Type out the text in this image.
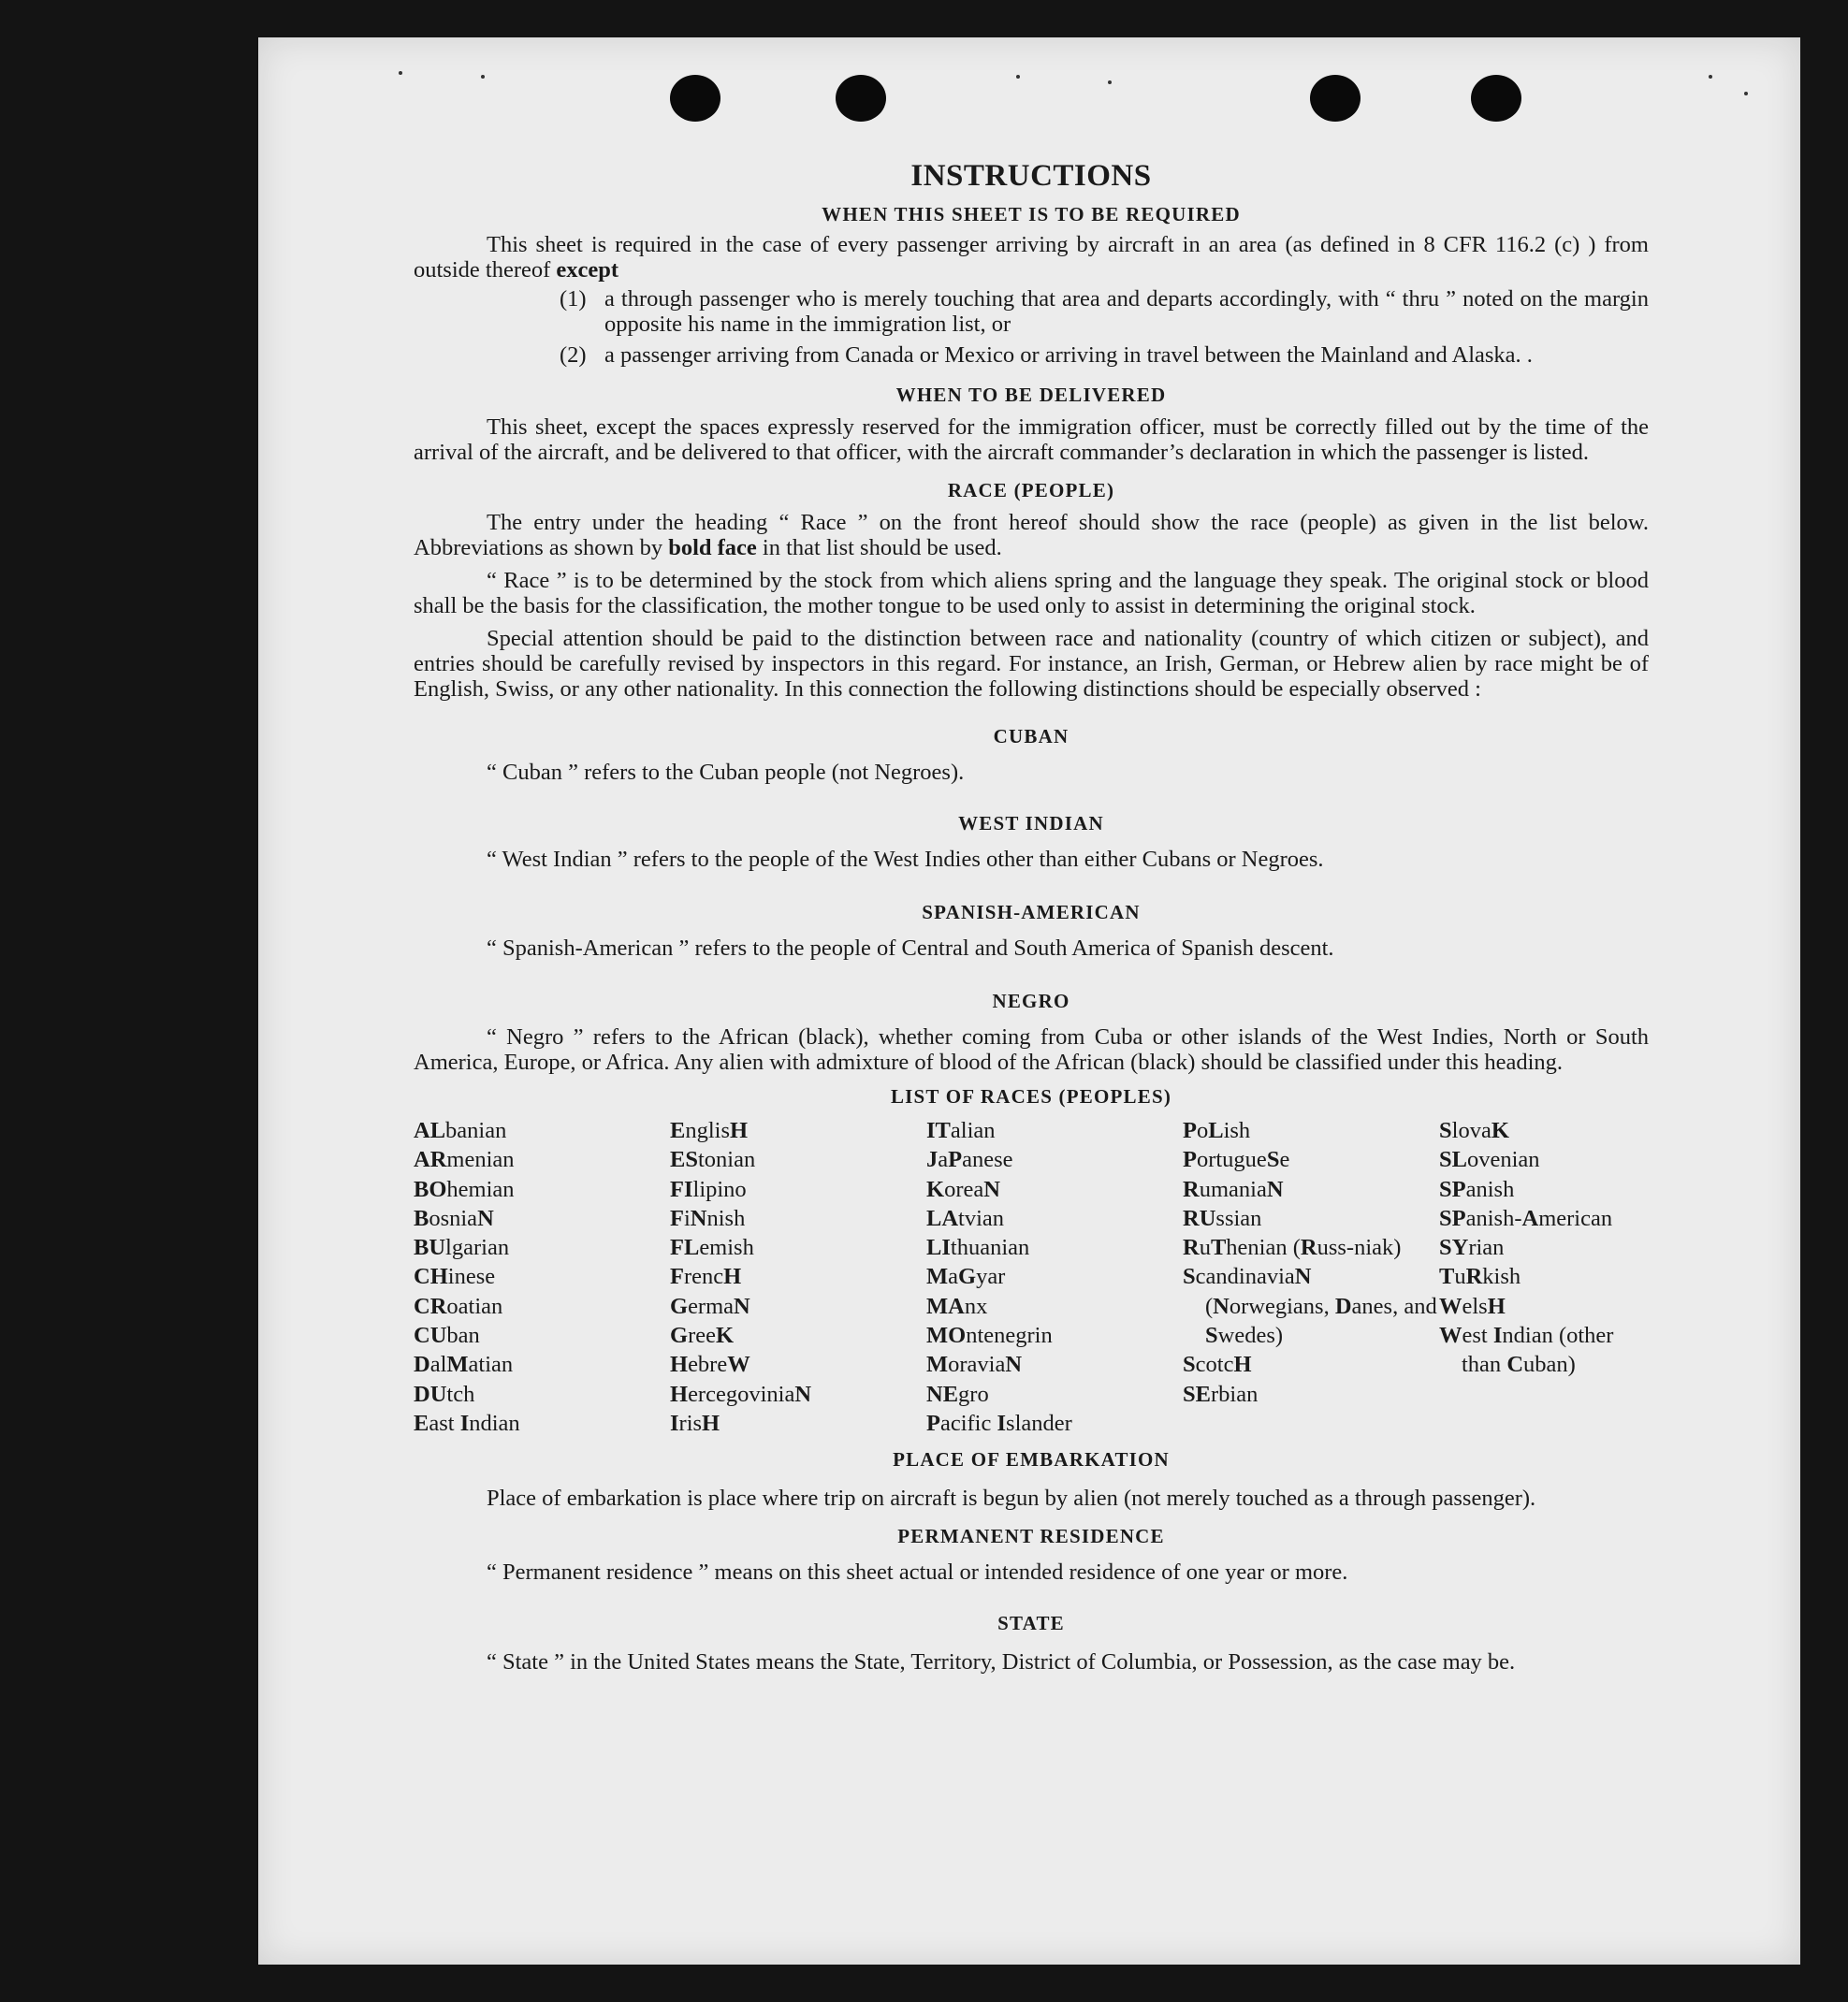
INSTRUCTIONS
WHEN THIS SHEET IS TO BE REQUIRED

This sheet is required in the case of every passenger arriving by aircraft in an area (as defined in 8 CFR 116.2 (c) ) from outside thereof except

(1) a through passenger who is merely touching that area and departs accordingly, with “ thru ” noted on the margin opposite his name in the immigration list, or
(2) a passenger arriving from Canada or Mexico or arriving in travel between the Mainland and Alaska. .
WHEN TO BE DELIVERED

This sheet, except the spaces expressly reserved for the immigration officer, must be correctly filled out by the time of the arrival of the aircraft, and be delivered to that officer, with the aircraft commander’s declaration in which the passenger is listed.

RACE (PEOPLE)

The entry under the heading “ Race ” on the front hereof should show the race (people) as given in the list below. Abbreviations as shown by bold face in that list should be used.

“ Race ” is to be determined by the stock from which aliens spring and the language they speak. The original stock or blood shall be the basis for the classification, the mother tongue to be used only to assist in determining the original stock.

Special attention should be paid to the distinction between race and nationality (country of which citizen or subject), and entries should be carefully revised by inspectors in this regard. For instance, an Irish, German, or Hebrew alien by race might be of English, Swiss, or any other nationality. In this connection the following distinctions should be especially observed :

CUBAN

“ Cuban ” refers to the Cuban people (not Negroes).

WEST INDIAN

“ West Indian ” refers to the people of the West Indies other than either Cubans or Negroes.

SPANISH-AMERICAN

“ Spanish-American ” refers to the people of Central and South America of Spanish descent.

NEGRO

“ Negro ” refers to the African (black), whether coming from Cuba or other islands of the West Indies, North or South America, Europe, or Africa. Any alien with admixture of blood of the African (black) should be classified under this heading.

LIST OF RACES (PEOPLES)
ALbanian
ARmenian
BOhemian
BosniaN
BUlgarian
CHinese
CRoatian
CUban
DalMatian
DUtch
East Indian
EnglisH
EStonian
FIlipino
FiNnish
FLemish
FrencH
GermaN
GreeK
HebreW
HercegoviniaN
IrisH
ITalian
JaPanese
KoreaN
LAtvian
LIthuanian
MaGyar
MAnx
MOntenegrin
MoraviaN
NEgro
Pacific Islander
PoLish
PortugueSe
RumaniaN
RUssian
RuThenian (Russ-niak)
ScandinaviaN (Norwegians, Danes, and Swedes)
ScotcH
SErbian
SlovaK
SLovenian
SPanish
SPanish-American
SYrian
TuRkish
WelsH
West Indian (other than Cuban)
PLACE OF EMBARKATION

Place of embarkation is place where trip on aircraft is begun by alien (not merely touched as a through passenger).

PERMANENT RESIDENCE

“ Permanent residence ” means on this sheet actual or intended residence of one year or more.

STATE

“ State ” in the United States means the State, Territory, District of Columbia, or Possession, as the case may be.
